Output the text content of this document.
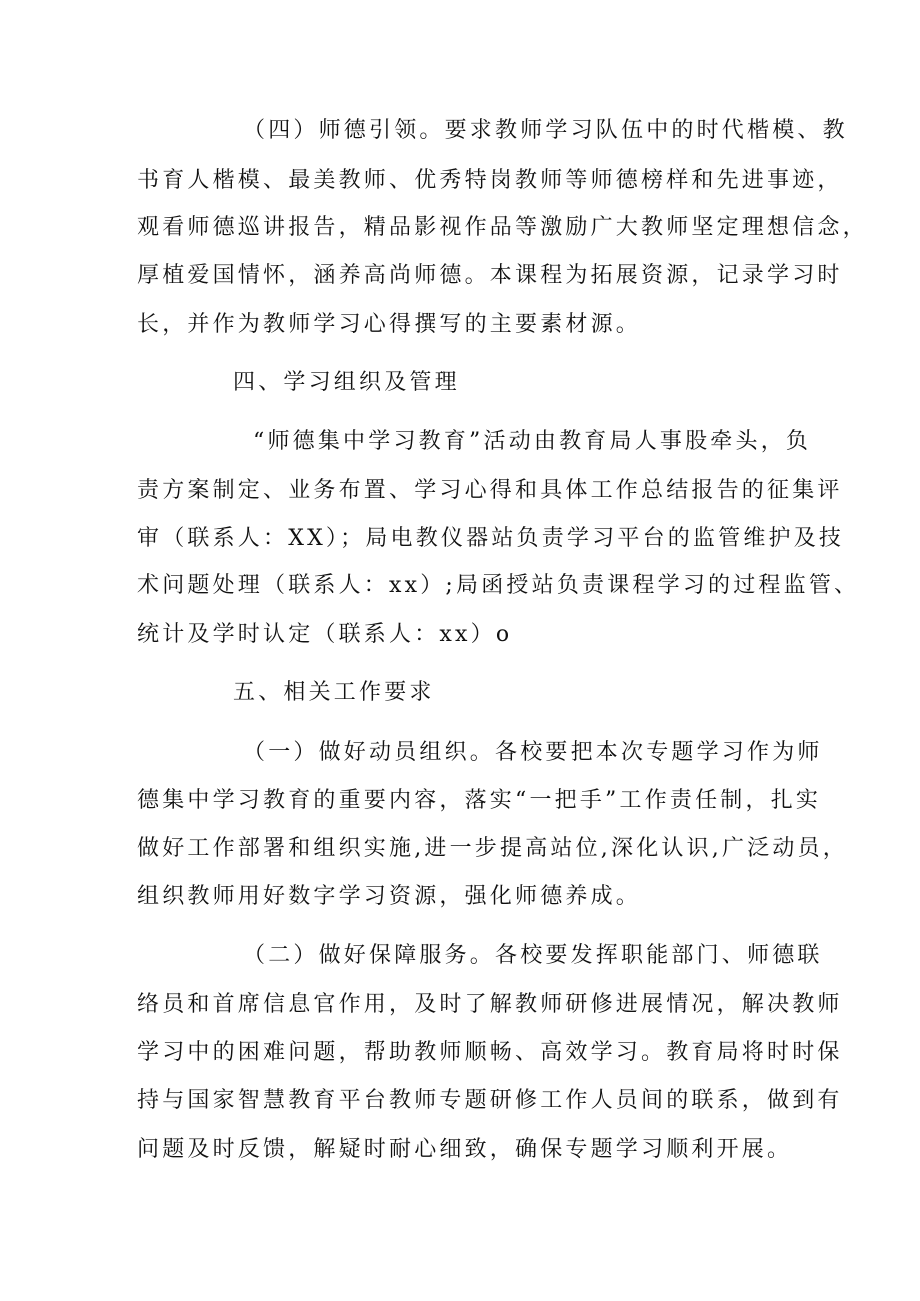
（四）师德引领。要求教师学习队伍中的时代楷模、教
书育人楷模、最美教师、优秀特岗教师等师德榜样和先进事迹，
观看师德巡讲报告，精品影视作品等激励广大教师坚定理想信念，
厚植爱国情怀，涵养高尚师德。本课程为拓展资源，记录学习时
长，并作为教师学习心得撰写的主要素材源。
四、学习组织及管理
“师德集中学习教育”活动由教育局人事股牵头，负
责方案制定、业务布置、学习心得和具体工作总结报告的征集评
审（联系人：XX）；局电教仪器站负责学习平台的监管维护及技
术问题处理（联系人：xx）;局函授站负责课程学习的过程监管、
统计及学时认定（联系人：xx）o
五、相关工作要求
（一）做好动员组织。各校要把本次专题学习作为师
德集中学习教育的重要内容，落实“一把手”工作责任制，扎实
做好工作部署和组织实施,进一步提高站位,深化认识,广泛动员，
组织教师用好数字学习资源，强化师德养成。
（二）做好保障服务。各校要发挥职能部门、师德联
络员和首席信息官作用，及时了解教师研修进展情况，解决教师
学习中的困难问题，帮助教师顺畅、高效学习。教育局将时时保
持与国家智慧教育平台教师专题研修工作人员间的联系，做到有
问题及时反馈，解疑时耐心细致，确保专题学习顺利开展。
